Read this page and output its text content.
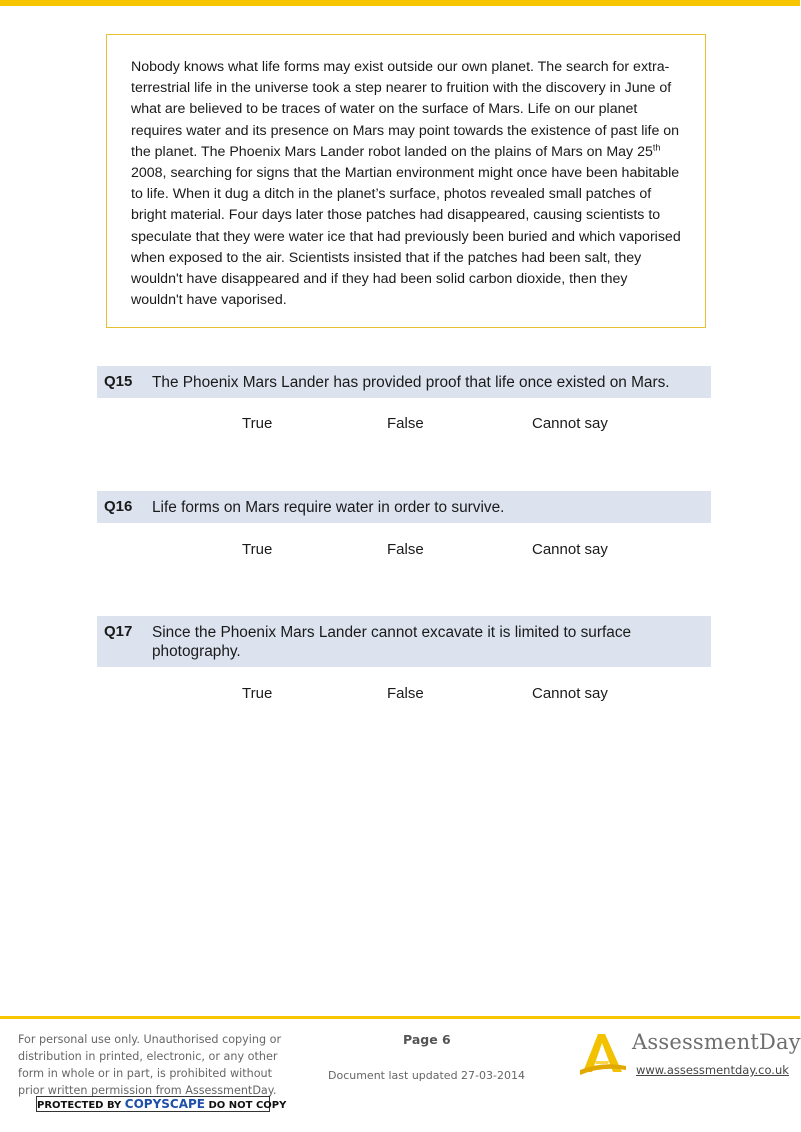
Nobody knows what life forms may exist outside our own planet. The search for extra-terrestrial life in the universe took a step nearer to fruition with the discovery in June of what are believed to be traces of water on the surface of Mars. Life on our planet requires water and its presence on Mars may point towards the existence of past life on the planet. The Phoenix Mars Lander robot landed on the plains of Mars on May 25th 2008, searching for signs that the Martian environment might once have been habitable to life. When it dug a ditch in the planet’s surface, photos revealed small patches of bright material. Four days later those patches had disappeared, causing scientists to speculate that they were water ice that had previously been buried and which vaporised when exposed to the air. Scientists insisted that if the patches had been salt, they wouldn't have disappeared and if they had been solid carbon dioxide, then they wouldn't have vaporised.
Q15	The Phoenix Mars Lander has provided proof that life once existed on Mars.
True	False	Cannot say
Q16	Life forms on Mars require water in order to survive.
True	False	Cannot say
Q17	Since the Phoenix Mars Lander cannot excavate it is limited to surface photography.
True	False	Cannot say
For personal use only. Unauthorised copying or distribution in printed, electronic, or any other form in whole or in part, is prohibited without prior written permission from AssessmentDay.
PROTECTED BY COPYSCAPE DO NOT COPY
Page 6
Document last updated 27-03-2014
AssessmentDay
www.assessmentday.co.uk
